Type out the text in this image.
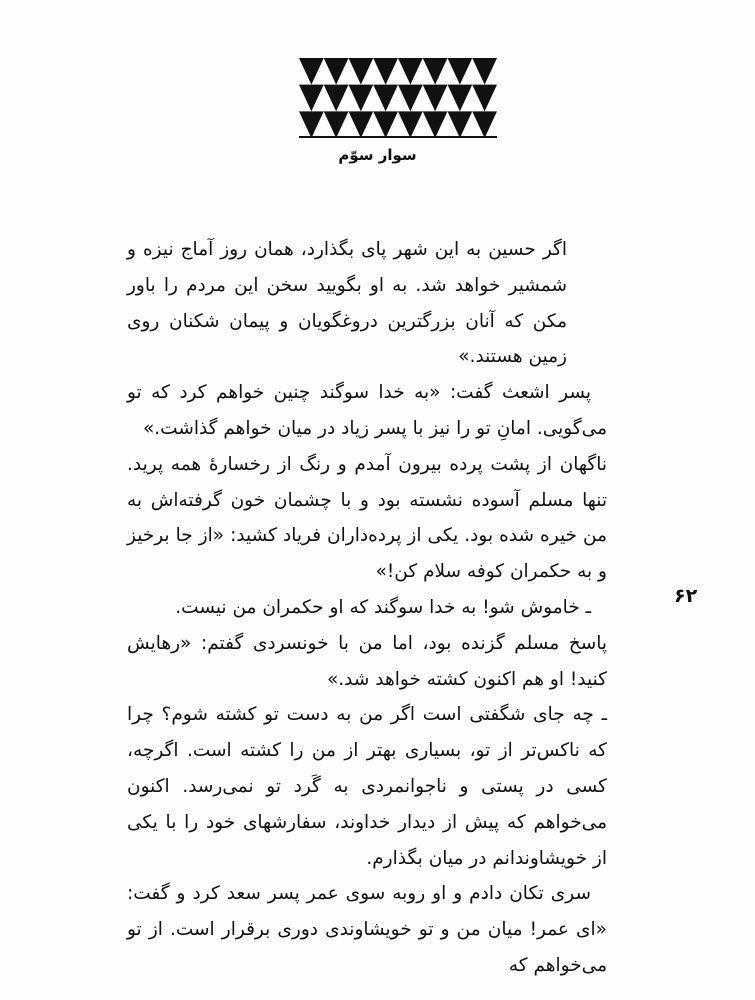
سوار سوّم
۶۲

اگر حسین به این شهر پای بگذارد، همان روز آماج نیزه و شمشیر خواهد شد. به او بگویید سخن این مردم را باور مکن که آنان بزرگترین دروغگویان و پیمان شکنان روی زمین هستند.»

پسر اشعث گفت: «به خدا سوگند چنین خواهم کرد که تو می‌گویی. امانِ تو را نیز با پسر زیاد در میان خواهم گذاشت.»

ناگهان از پشت پرده بیرون آمدم و رنگ از رخسارهٔ همه پرید. تنها مسلم آسوده نشسته بود و با چشمان خون گرفته‌اش به من خیره شده بود. یکی از پرده‌داران فریاد کشید: «از جا برخیز و به حکمران کوفه سلام کن!»

ـ خاموش شو! به خدا سوگند که او حکمران من نیست.

پاسخ مسلم گزنده بود، اما من با خونسردی گفتم: «رهایش کنید! او هم اکنون کشته خواهد شد.»

ـ چه جای شگفتی است اگر من به دست تو کشته شوم؟ چرا که ناکس‌تر از تو، بسیاری بهتر از من را کشته است. اگرچه، کسی در پستی و ناجوانمردی به گَرد تو نمی‌رسد. اکنون می‌خواهم که پیش از دیدار خداوند، سفارشهای خود را با یکی از خویشاوندانم در میان بگذارم.

سری تکان دادم و او روبه سوی عمر پسر سعد کرد و گفت: «ای عمر! میان من و تو خویشاوندی دوری برقرار است. از تو می‌خواهم که
